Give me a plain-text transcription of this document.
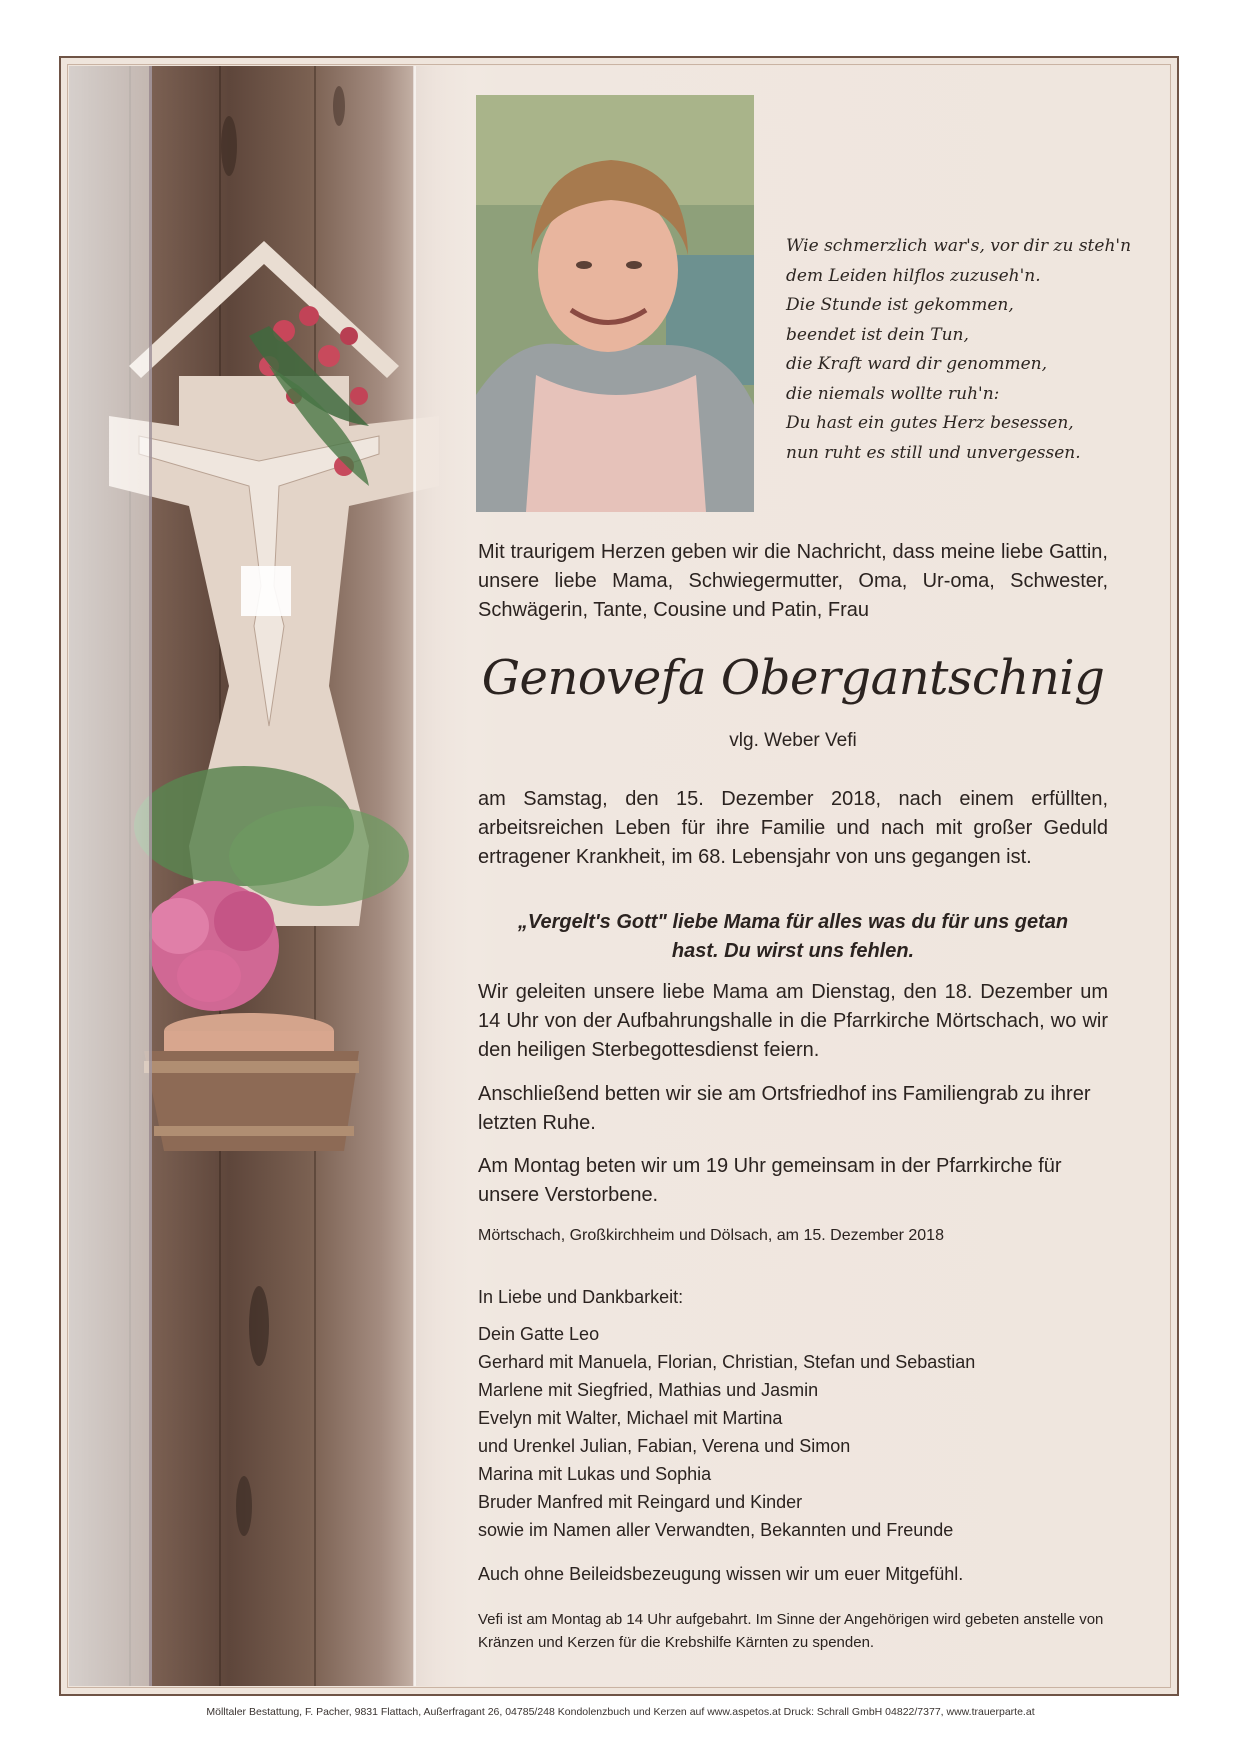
Wie schmerzlich war's, vor dir zu steh'n
dem Leiden hilflos zuzuseh'n.
Die Stunde ist gekommen,
beendet ist dein Tun,
die Kraft ward dir genommen,
die niemals wollte ruh'n:
Du hast ein gutes Herz besessen,
nun ruht es still und unvergessen.
Mit traurigem Herzen geben wir die Nachricht, dass meine liebe Gattin, unsere liebe Mama, Schwiegermutter, Oma, Ur-oma, Schwester, Schwägerin, Tante, Cousine und Patin, Frau
Genovefa Obergantschnig
vlg. Weber Vefi
am Samstag, den 15. Dezember 2018, nach einem erfüllten, arbeitsreichen Leben für ihre Familie und nach mit großer Geduld ertragener Krankheit, im 68. Lebensjahr von uns gegangen ist.
„Vergelt's Gott" liebe Mama für alles was du für uns getan
hast. Du wirst uns fehlen.
Wir geleiten unsere liebe Mama am Dienstag, den 18. Dezember um 14 Uhr von der Aufbahrungshalle in die Pfarrkirche Mörtschach, wo wir den heiligen Sterbegottesdienst feiern.
Anschließend betten wir sie am Ortsfriedhof ins Familiengrab zu ihrer letzten Ruhe.
Am Montag beten wir um 19 Uhr gemeinsam in der Pfarrkirche für unsere Verstorbene.
Mörtschach, Großkirchheim und Dölsach, am 15. Dezember 2018
In Liebe und Dankbarkeit:
Dein Gatte Leo
Gerhard mit Manuela, Florian, Christian, Stefan und Sebastian
Marlene mit Siegfried, Mathias und Jasmin
Evelyn mit Walter, Michael mit Martina
und Urenkel Julian, Fabian, Verena und Simon
Marina mit Lukas und Sophia
Bruder Manfred mit Reingard und Kinder
sowie im Namen aller Verwandten, Bekannten und Freunde
Auch ohne Beileidsbezeugung wissen wir um euer Mitgefühl.
Vefi ist am Montag ab 14 Uhr aufgebahrt. Im Sinne der Angehörigen wird gebeten anstelle von Kränzen und Kerzen für die Krebshilfe Kärnten zu spenden.
Mölltaler Bestattung, F. Pacher, 9831 Flattach, Außerfragant 26, 04785/248 Kondolenzbuch und Kerzen auf www.aspetos.at Druck: Schrall GmbH 04822/7377, www.trauerparte.at
